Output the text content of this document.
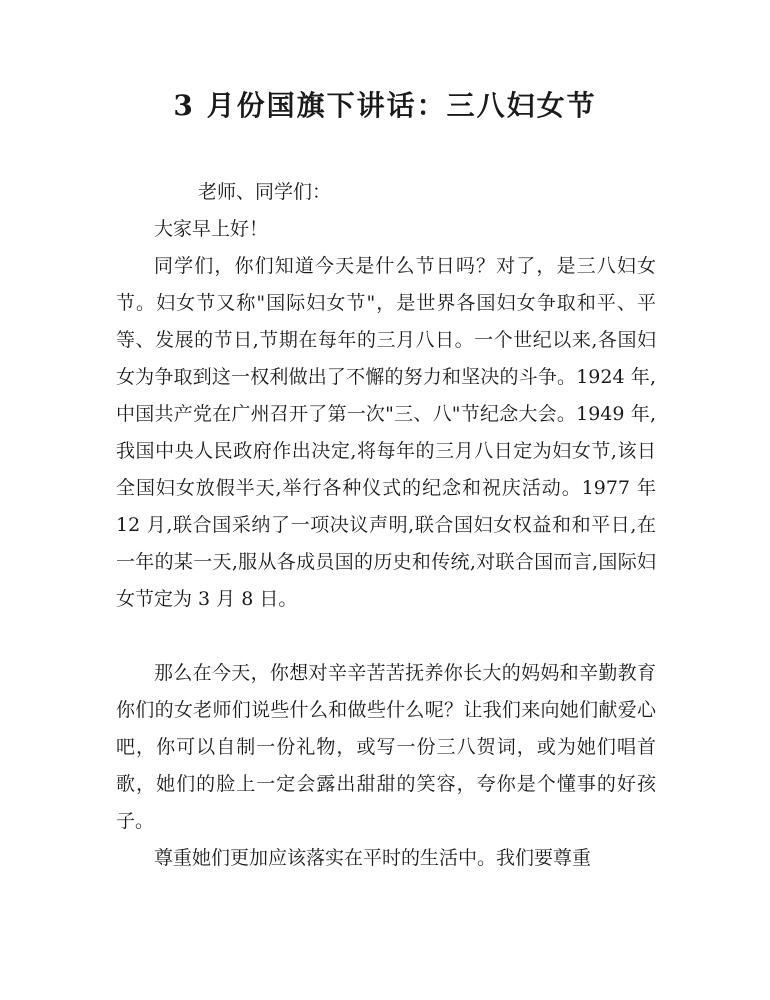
3 月份国旗下讲话：三八妇女节

老师、同学们：

大家早上好！

同学们，你们知道今天是什么节日吗？对了，是三八妇女节。妇女节又称"国际妇女节"，是世界各国妇女争取和平、平等、发展的节日,节期在每年的三月八日。一个世纪以来,各国妇女为争取到这一权利做出了不懈的努力和坚决的斗争。1924 年,中国共产党在广州召开了第一次"三、八"节纪念大会。1949 年,我国中央人民政府作出决定,将每年的三月八日定为妇女节,该日全国妇女放假半天,举行各种仪式的纪念和祝庆活动。1977 年 12 月,联合国采纳了一项决议声明,联合国妇女权益和和平日,在一年的某一天,服从各成员国的历史和传统,对联合国而言,国际妇女节定为 3 月 8 日。

那么在今天，你想对辛辛苦苦抚养你长大的妈妈和辛勤教育你们的女老师们说些什么和做些什么呢？让我们来向她们献爱心吧，你可以自制一份礼物，或写一份三八贺词，或为她们唱首歌，她们的脸上一定会露出甜甜的笑容，夸你是个懂事的好孩子。

尊重她们更加应该落实在平时的生活中。我们要尊重
